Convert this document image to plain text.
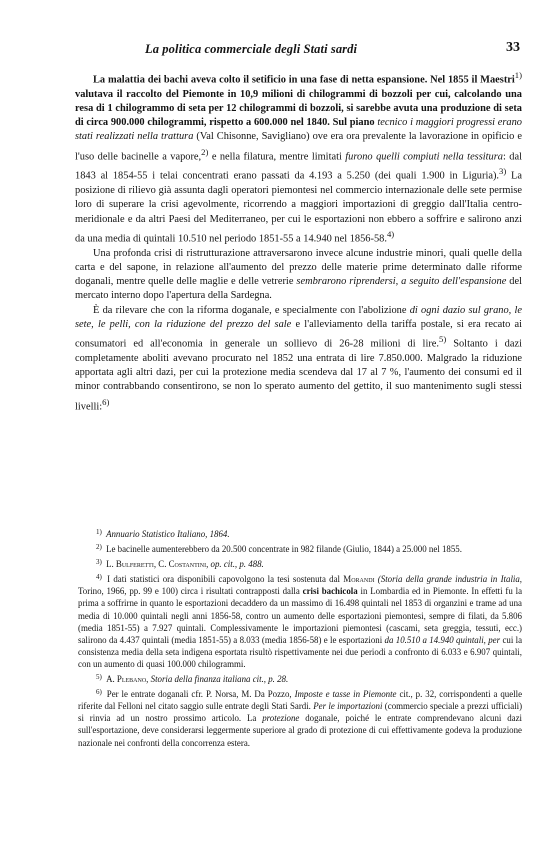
La politica commerciale degli Stati sardi	33

La malattia dei bachi aveva colto il setificio in una fase di netta espansione. Nel 1855 il Maestri$^{1)}$ valutava il raccolto del Piemonte in 10,9 milioni di chilogrammi di bozzoli per cui, calcolando una resa di 1 chilogrammo di seta per 12 chilogrammi di bozzoli, si sarebbe avuta una produzione di seta di circa 900.000 chilogrammi, rispetto a 600.000 nel 1840. Sul piano tecnico i maggiori progressi erano stati realizzati nella trattura (Val Chisonne, Savigliano) ove era ora prevalente la lavorazione in opificio e l'uso delle bacinelle a vapore,$^{2)}$ e nella filatura, mentre limitati furono quelli compiuti nella tessitura: dal 1843 al 1854-55 i telai concentrati erano passati da 4.193 a 5.250 (dei quali 1.900 in Liguria).$^{3)}$ La posizione di rilievo già assunta dagli operatori piemontesi nel commercio internazionale delle sete permise loro di superare la crisi agevolmente, ricorrendo a maggiori importazioni di greggio dall'Italia centro-meridionale e da altri Paesi del Mediterraneo, per cui le esportazioni non ebbero a soffrire e salirono anzi da una media di quintali 10.510 nel periodo 1851-55 a 14.940 nel 1856-58.$^{4)}$

Una profonda crisi di ristrutturazione attraversarono invece alcune industrie minori, quali quelle della carta e del sapone, in relazione all'aumento del prezzo delle materie prime determinato dalle riforme doganali, mentre quelle delle maglie e delle vetrerie sembrarono riprendersi, a seguito dell'espansione del mercato interno dopo l'apertura della Sardegna.

È da rilevare che con la riforma doganale, e specialmente con l'abolizione di ogni dazio sul grano, le sete, le pelli, con la riduzione del prezzo del sale e l'alleviamento della tariffa postale, si era recato ai consumatori ed all'economia in generale un sollievo di 26-28 milioni di lire.$^{5)}$ Soltanto i dazi completamente aboliti avevano procurato nel 1852 una entrata di lire 7.850.000. Malgrado la riduzione apportata agli altri dazi, per cui la protezione media scendeva dal 17 al 7 %, l'aumento dei consumi ed il minor contrabbando consentirono, se non lo sperato aumento del gettito, il suo mantenimento sugli stessi livelli:$^{6)}$

$^{1)}$ Annuario Statistico Italiano, 1864.

$^{2)}$ Le bacinelle aumenterebbero da 20.500 concentrate in 982 filande (Giulio, 1844) a 25.000 nel 1855.

$^{3)}$ L. Bulferetti, C. Costantini, op. cit., p. 488.

$^{4)}$ I dati statistici ora disponibili capovolgono la tesi sostenuta dal Morandi (Storia della grande industria in Italia, Torino, 1966, pp. 99 e 100) circa i risultati contrapposti dalla crisi bachicola in Lombardia ed in Piemonte. In effetti fu la prima a soffrirne in quanto le esportazioni decaddero da un massimo di 16.498 quintali nel 1853 di organzini e trame ad una media di 10.000 quintali negli anni 1856-58, contro un aumento delle esportazioni piemontesi, sempre di filati, da 5.806 (media 1851-55) a 7.927 quintali. Complessivamente le importazioni piemontesi (cascami, seta greggia, tessuti, ecc.) salirono da 4.437 quintali (media 1851-55) a 8.033 (media 1856-58) e le esportazioni da 10.510 a 14.940 quintali, per cui la consistenza media della seta indigena esportata risultò rispettivamente nei due periodi a confronto di 6.033 e 6.907 quintali, con un aumento di quasi 100.000 chilogrammi.

$^{5)}$ A. Plebano, Storia della finanza italiana cit., p. 28.

$^{6)}$ Per le entrate doganali cfr. P. Norsa, M. Da Pozzo, Imposte e tasse in Piemonte cit., p. 32, corrispondenti a quelle riferite dal Felloni nel citato saggio sulle entrate degli Stati Sardi. Per le importazioni (commercio speciale a prezzi ufficiali) si rinvia ad un nostro prossimo articolo. La protezione doganale, poiché le entrate comprendevano alcuni dazi sull'esportazione, deve considerarsi leggermente superiore al grado di protezione di cui effettivamente godeva la produzione nazionale nei confronti della concorrenza estera.
